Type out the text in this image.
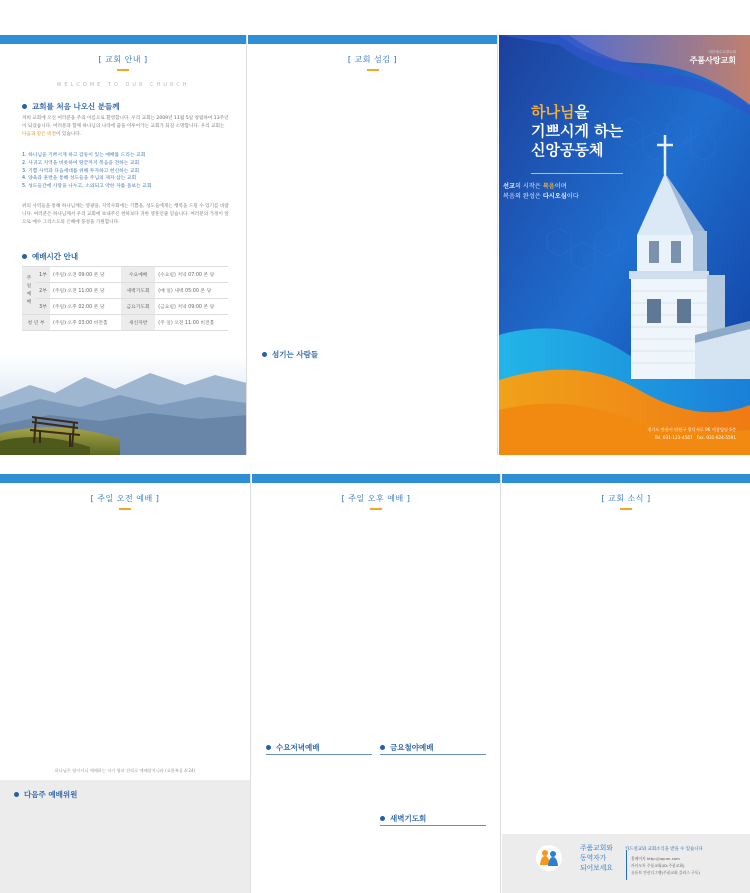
[ 교회 안내 ]
WELCOME TO OUR CHURCH
교회를 처음 나오신 분들께
저희 교회에 오신 여러분을 주의 이름으로 환영합니다. 우리 교회는 2009년 11월 5일 창립하여 13주년이 되었습니다. 여러분과 함께 하나님의 나라에 꿈을 이루어가는 교회가 되길 소망합니다. 우리 교회는 다음과 같은 비전이 있습니다.
1. 하나님을 기쁘시게 하고 감동이 있는 예배를 드리는 교회
2. 사귀고 지역을 비롯하여 땅끝까지 복음을 전하는 교회
3. 기쁨 사역과 다음세대를 위해 투자하고 헌신하는 교회
4. 양육과 훈련을 통해 성도들을 주님의 제자 삼는 교회
5. 성도들간에 사랑을 나누고, 소외되고 약한 자를 돌보는 교회
위의 사역들을 통해 하나님께는 영광을, 지역사회에는 기쁨을, 성도들에게는 행복을 드릴 수 있기를 바랍니다. 여러분은 하나님께서 우리 교회에 보내주신 천하보다 귀한 영혼인줄 믿습니다. 여러분의 가정이 앞으로 예수 그리스도의 은혜에 풍성을 기원합니다.
예배시간 안내
주
일
예
배	1부	(주일) 오전 09:00 본 당	수요예배	(수요일) 저녁 07:00 본 당
	2부	(주일) 오전 11:00 본 당	새벽기도회	(매 일) 새벽 05:00 본 당
	3부	(주일) 오후 02:00 본 당	금요기도회	(금요일) 저녁 09:00 본 당
청 년 부		(주일) 오후 03:00 비전홀	새신자반	(주 일) 오전 11:00 비전홀
[ 교회 섬김 ]
섬기는 사람들
대한예수교장로회
주품사랑교회
하나님을
기쁘시게 하는
신앙공동체
선교의 시작은 복음이며
복음의 완성은 다시오심이다
경기도 안산시 단원구 광덕서로 96 세종빌딩 6층
Tel. 031-123-4567 Fax. 031-624-5591
[ 주일 오전 예배 ]
하나님은 영이시니 예배하는 자가 영과 진리로 예배할지니라 (요한복음 4:24)
다음주 예배위원
[ 주일 오후 예배 ]
수요저녁예배	금요철야예배
새벽기도회
[ 교회 소식 ]
주품교회와
동역자가
되어보세요
카드설교와 교회소식을 받을 수 있습니다
홈페이지 http://jupum.com
카카오톡 주품교회(ID:주품교회)
유튜브 안산디그램(주품교회 플러스 구독)
